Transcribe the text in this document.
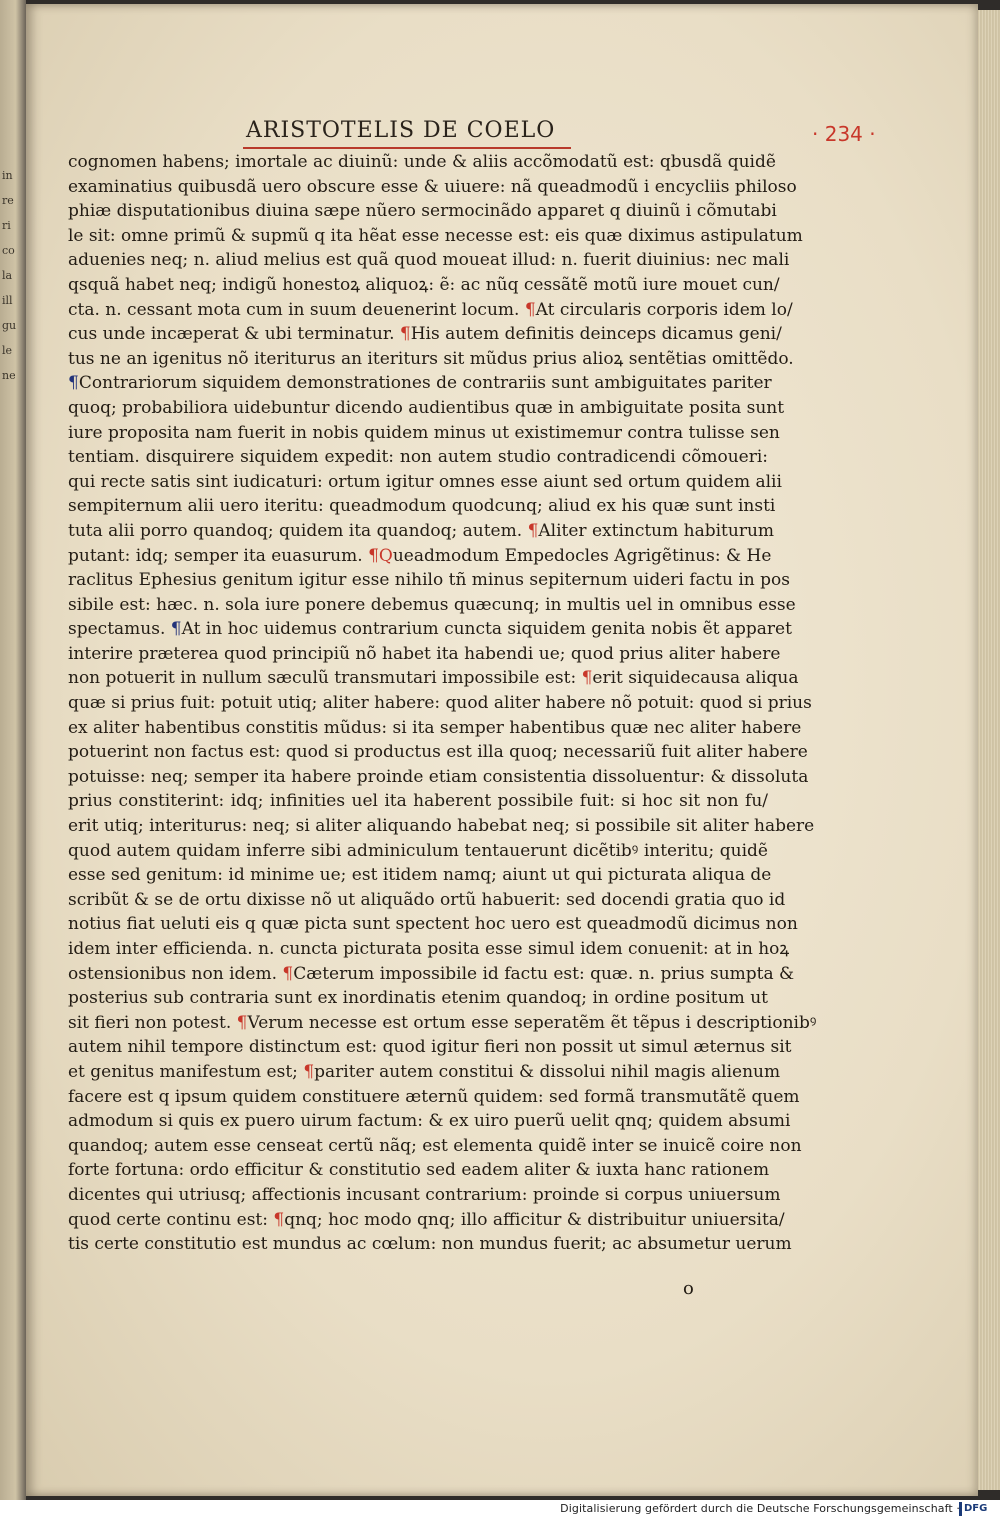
in
re
ri
co
la
ill
gu
le
ne
ARISTOTELIS DE COELO	· 234 ·
cognomen habens; imortale ac diuinũ: unde & aliis accõmodatũ est: qbusdã quidẽ
examinatius quibusdã uero obscure esse & uiuere: nã queadmodũ i encycliis philoso
phiæ disputationibus diuina sæpe nũero sermocinãdo apparet q diuinũ i cõmutabi
le sit: omne primũ & supmũ q ita hẽat esse necesse est: eis quæ diximus astipulatum
aduenies neq; n. aliud melius est quã quod moueat illud: n. fuerit diuinius: nec mali
qsquã habet neq; indigũ honestoꝝ aliquoꝝ: ẽ: ac nũq cessãtẽ motũ iure mouet cun/
cta. n. cessant mota cum in suum deuenerint locum. ¶At circularis corporis idem lo/
cus unde incæperat & ubi terminatur. ¶His autem definitis deinceps dicamus geni/
tus ne an igenitus nõ iteriturus an iteriturs sit mũdus prius alioꝝ sentẽtias omittẽdo.
¶Contrariorum siquidem demonstrationes de contrariis sunt ambiguitates pariter
quoq; probabiliora uidebuntur dicendo audientibus quæ in ambiguitate posita sunt
iure proposita nam fuerit in nobis quidem minus ut existimemur contra tulisse sen
tentiam. disquirere siquidem expedit: non autem studio contradicendi cõmoueri:
qui recte satis sint iudicaturi: ortum igitur omnes esse aiunt sed ortum quidem alii
sempiternum alii uero iteritu: queadmodum quodcunq; aliud ex his quæ sunt insti
tuta alii porro quandoq; quidem ita quandoq; autem. ¶Aliter extinctum habiturum
putant: idq; semper ita euasurum. ¶Queadmodum Empedocles Agrigẽtinus: & He
raclitus Ephesius genitum igitur esse nihilo tñ minus sepiternum uideri factu in pos
sibile est: hæc. n. sola iure ponere debemus quæcunq; in multis uel in omnibus esse
spectamus. ¶At in hoc uidemus contrarium cuncta siquidem genita nobis ẽt apparet
interire præterea quod principiũ nõ habet ita habendi ue; quod prius aliter habere
non potuerit in nullum sæculũ transmutari impossibile est: ¶erit siquidecausa aliqua
quæ si prius fuit: potuit utiq; aliter habere: quod aliter habere nõ potuit: quod si prius
ex aliter habentibus constitis mũdus: si ita semper habentibus quæ nec aliter habere
potuerint non factus est: quod si productus est illa quoq; necessariũ fuit aliter habere
potuisse: neq; semper ita habere proinde etiam consistentia dissoluentur: & dissoluta
prius constiterint: idq; infinities uel ita haberent possibile fuit: si hoc sit non fu/
erit utiq; interiturus: neq; si aliter aliquando habebat neq; si possibile sit aliter habere
quod autem quidam inferre sibi adminiculum tentauerunt dicẽtibꝰ interitu; quidẽ
esse sed genitum: id minime ue; est itidem namq; aiunt ut qui picturata aliqua de
scribũt & se de ortu dixisse nõ ut aliquãdo ortũ habuerit: sed docendi gratia quo id
notius fiat ueluti eis q quæ picta sunt spectent hoc uero est queadmodũ dicimus non
idem inter efficienda. n. cuncta picturata posita esse simul idem conuenit: at in hoꝝ
ostensionibus non idem. ¶Cæterum impossibile id factu est: quæ. n. prius sumpta &
posterius sub contraria sunt ex inordinatis etenim quandoq; in ordine positum ut
sit fieri non potest. ¶Verum necesse est ortum esse seperatẽm ẽt tẽpus i descriptionibꝰ
autem nihil tempore distinctum est: quod igitur fieri non possit ut simul æternus sit
et genitus manifestum est; ¶pariter autem constitui & dissolui nihil magis alienum
facere est q ipsum quidem constituere æternũ quidem: sed formã transmutãtẽ quem
admodum si quis ex puero uirum factum: & ex uiro puerũ uelit qnq; quidem absumi
quandoq; autem esse censeat certũ nãq; est elementa quidẽ inter se inuicẽ coire non
forte fortuna: ordo efficitur & constitutio sed eadem aliter & iuxta hanc rationem
dicentes qui utriusq; affectionis incusant contrarium: proinde si corpus uniuersum
quod certe continu est: ¶qnq; hoc modo qnq; illo afficitur & distribuitur uniuersita/
tis certe constitutio est mundus ac cœlum: non mundus fuerit; ac absumetur uerum
o
Digitalisierung gefördert durch die Deutsche Forschungsgemeinschaft · DFG
